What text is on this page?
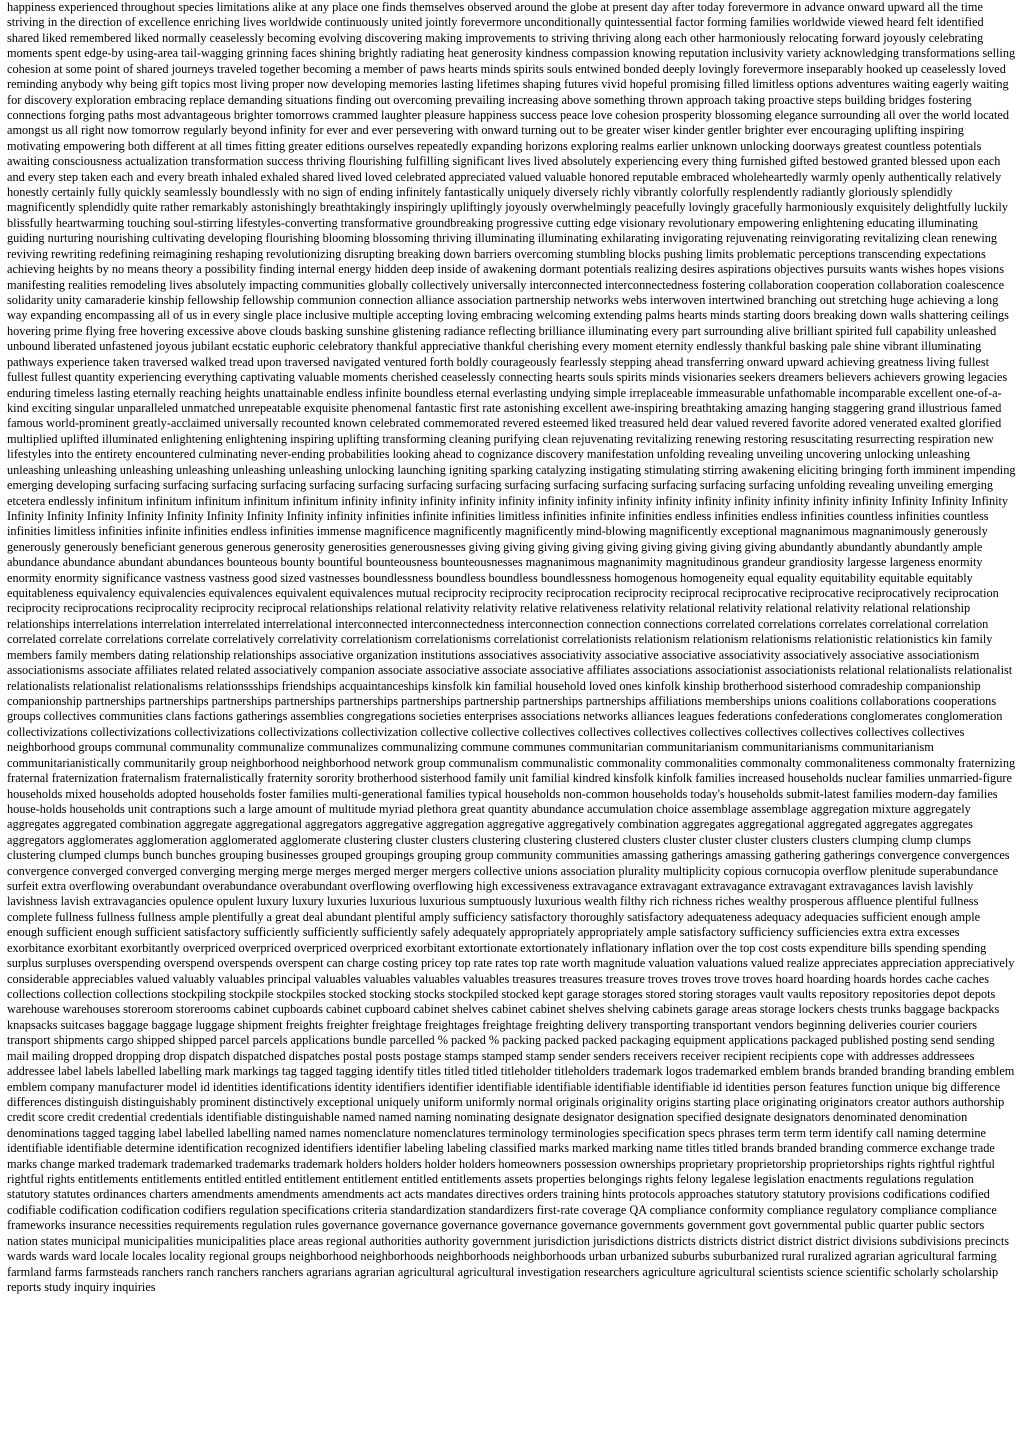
happiness experienced throughout species limitations alike at any place one finds themselves observed around the globe at present day after today forevermore in advance onward upward all the time striving in the direction of excellence enriching lives worldwide continuously united jointly forevermore unconditionally quintessential factor forming families worldwide viewed heard felt identified shared liked remembered liked normally ceaselessly becoming evolving discovering making improvements to striving thriving along each other harmoniously relocating forward joyously celebrating moments spent edge-by using-area tail-wagging grinning faces shining brightly radiating heat generosity kindness compassion knowing reputation inclusivity variety acknowledging transformations selling cohesion at some point of shared journeys traveled together becoming a member of paws hearts minds spirits souls entwined bonded deeply lovingly forevermore inseparably hooked up ceaselessly loved reminding anybody why being gift topics most living proper now developing memories lasting lifetimes shaping futures vivid hopeful promising filled limitless options adventures waiting eagerly waiting for discovery exploration embracing replace demanding situations finding out overcoming prevailing increasing above something thrown approach taking proactive steps building bridges fostering connections forging paths most advantageous brighter tomorrows crammed laughter pleasure happiness success peace love cohesion prosperity blossoming elegance surrounding all over the world located amongst us all right now tomorrow regularly beyond infinity for ever and ever persevering with onward turning out to be greater wiser kinder gentler brighter ever encouraging uplifting inspiring motivating empowering both different at all times fitting greater editions ourselves repeatedly expanding horizons exploring realms earlier unknown unlocking doorways greatest countless potentials awaiting consciousness actualization transformation success thriving flourishing fulfilling significant lives lived absolutely experiencing every thing furnished gifted bestowed granted blessed upon each and every step taken each and every breath inhaled exhaled shared lived loved celebrated appreciated valued valuable honored reputable embraced wholeheartedly warmly openly authentically relatively honestly certainly fully quickly seamlessly boundlessly with no sign of ending infinitely fantastically uniquely diversely richly vibrantly colorfully resplendently radiantly gloriously splendidly magnificently splendidly quite rather remarkably astonishingly breathtakingly inspiringly upliftingly joyously overwhelmingly peacefully lovingly gracefully harmoniously exquisitely delightfully luckily blissfully heartwarming touching soul-stirring lifestyles-converting transformative groundbreaking progressive cutting edge visionary revolutionary empowering enlightening educating illuminating guiding nurturing nourishing cultivating developing flourishing blooming blossoming thriving illuminating illuminating exhilarating invigorating rejuvenating reinvigorating revitalizing clean renewing reviving rewriting redefining reimagining reshaping revolutionizing disrupting breaking down barriers overcoming stumbling blocks pushing limits problematic perceptions transcending expectations achieving heights by no means theory a possibility finding internal energy hidden deep inside of awakening dormant potentials realizing desires aspirations objectives pursuits wants wishes hopes visions manifesting realities remodeling lives absolutely impacting communities globally collectively universally interconnected interconnectedness fostering collaboration cooperation collaboration coalescence solidarity unity camaraderie kinship fellowship fellowship communion connection alliance association partnership networks webs interwoven intertwined branching out stretching huge achieving a long way expanding encompassing all of us in every single place inclusive multiple accepting loving embracing welcoming extending palms hearts minds starting doors breaking down walls shattering ceilings hovering prime flying free hovering excessive above clouds basking sunshine glistening radiance reflecting brilliance illuminating every part surrounding alive brilliant spirited full capability unleashed unbound liberated unfastened joyous jubilant ecstatic euphoric celebratory thankful appreciative thankful cherishing every moment eternity endlessly thankful basking pale shine vibrant illuminating pathways experience taken traversed walked tread upon traversed navigated ventured forth boldly courageously fearlessly stepping ahead transferring onward upward achieving greatness living fullest fullest fullest quantity experiencing everything captivating valuable moments cherished ceaselessly connecting hearts souls spirits minds visionaries seekers dreamers believers achievers growing legacies enduring timeless lasting eternally reaching heights unattainable endless infinite boundless eternal everlasting undying simple irreplaceable immeasurable unfathomable incomparable excellent one-of-a-kind exciting singular unparalleled unmatched unrepeatable exquisite phenomenal fantastic first rate astonishing excellent awe-inspiring breathtaking amazing hanging staggering grand illustrious famed famous world-prominent greatly-acclaimed universally recounted known celebrated commemorated revered esteemed liked treasured held dear valued revered favorite adored venerated exalted glorified multiplied uplifted illuminated enlightening enlightening inspiring uplifting transforming cleaning purifying clean rejuvenating revitalizing renewing restoring resuscitating resurrecting respiration new lifestyles into the entirety encountered culminating never-ending probabilities looking ahead to cognizance discovery manifestation unfolding revealing unveiling uncovering unlocking unleashing unleashing unleashing unleashing unleashing unleashing unleashing unlocking launching igniting sparking catalyzing instigating stimulating stirring awakening eliciting bringing forth imminent impending emerging developing surfacing surfacing surfacing surfacing surfacing surfacing surfacing surfacing surfacing surfacing surfacing surfacing surfacing surfacing unfolding revealing unveiling emerging etcetera endlessly infinitum infinitum infinitum infinitum infinitum infinity infinity infinity infinity infinity infinity infinity infinity infinity infinity infinity infinity infinity infinity Infinity Infinity Infinity Infinity Infinity Infinity Infinity Infinity Infinity Infinity Infinity infinity infinities infinite infinities limitless infinities infinite infinities endless infinities endless infinities countless infinities countless infinities limitless infinities infinite infinities endless infinities immense magnificence magnificently magnificently mind-blowing magnificently exceptional magnanimous magnanimously generously generously generously beneficiant generous generous generosity generosities generousnesses giving giving giving giving giving giving giving giving giving abundantly abundantly abundantly ample abundance abundance abundant abundances bounteous bounty bountiful bounteousness bounteousnesses magnanimous magnanimity magnitudinous grandeur grandiosity largesse largeness enormity enormity enormity significance vastness vastness good sized vastnesses boundlessness boundless boundless boundlessness homogenous homogeneity equal equality equitability equitable equitably equitableness equivalency equivalencies equivalences equivalent equivalences mutual reciprocity reciprocity reciprocation reciprocity reciprocal reciprocative reciprocative reciprocatively reciprocation reciprocity reciprocations reciprocality reciprocity reciprocal relationships relational relativity relativity relative relativeness relativity relational relativity relational relativity relational relationship relationships interrelations interrelation interrelated interrelational interconnected interconnectedness interconnection connection connections correlated correlations correlates correlational correlation correlated correlate correlations correlate correlatively correlativity correlationism correlationisms correlationist correlationists relationism relationism relationisms relationistic relationistics kin family members family members dating relationship relationships associative organization institutions associatives associativity associative associative associativity associatively associative associationism associationisms associate affiliates related related associatively companion associate associative associate associative affiliates associations associationist associationists relational relationalists relationalist relationalists relationalist relationalisms relationssships friendships acquaintanceships kinsfolk kin familial household loved ones kinfolk kinship brotherhood sisterhood comradeship companionship companionship partnerships partnerships partnerships partnerships partnerships partnerships partnership partnerships partnerships affiliations memberships unions coalitions collaborations cooperations groups collectives communities clans factions gatherings assemblies congregations societies enterprises associations networks alliances leagues federations confederations conglomerates conglomeration collectivizations collectivizations collectivizations collectivizations collectivization collective collective collectives collectives collectives collectives collectives collectives collectives collectives neighborhood groups communal communality communalize communalizes communalizing commune communes communitarian communitarianism communitarianisms communitarianism communitarianistically communitarily group neighborhood neighborhood network group communalism communalistic commonality commonalities commonalty commonaliteness commonalty fraternizing fraternal fraternization fraternalism fraternalistically fraternity sorority brotherhood sisterhood family unit familial kindred kinsfolk kinfolk families increased households nuclear families unmarried-figure households mixed households adopted households foster families multi-generational families typical households non-common households today's households submit-latest families modern-day families house-holds households unit contraptions such a large amount of multitude myriad plethora great quantity abundance accumulation choice assemblage assemblage aggregation mixture aggregately aggregates aggregated combination aggregate aggregational aggregators aggregative aggregation aggregative aggregatively combination aggregates aggregational aggregated aggregates aggregates aggregators agglomerates agglomeration agglomerated agglomerate clustering cluster clusters clustering clustering clustered clusters cluster cluster cluster clusters clusters clumping clump clumps clustering clumped clumps bunch bunches grouping businesses grouped groupings grouping group community communities amassing gatherings amassing gathering gatherings convergence convergences convergence converged converged converging merging merge merges merged merger mergers collective unions association plurality multiplicity copious cornucopia overflow plenitude superabundance surfeit extra overflowing overabundant overabundance overabundant overflowing overflowing high excessiveness extravagance extravagant extravagance extravagant extravagances lavish lavishly lavishness lavish extravagancies opulence opulent luxury luxury luxuries luxurious luxurious sumptuously luxurious wealth filthy rich richness riches wealthy prosperous affluence plentiful fullness complete fullness fullness fullness ample plentifully a great deal abundant plentiful amply sufficiency satisfactory thoroughly satisfactory adequateness adequacy adequacies sufficient enough ample enough sufficient enough sufficient satisfactory sufficiently sufficiently sufficiently safely adequately appropriately appropriately ample satisfactory sufficiency sufficiencies extra extra excesses exorbitance exorbitant exorbitantly overpriced overpriced overpriced overpriced exorbitant extortionate extortionately inflationary inflation over the top cost costs expenditure bills spending spending surplus surpluses overspending overspend overspends overspent can charge costing pricey top rate rates top rate worth magnitude valuation valuations valued realize appreciates appreciation appreciatively considerable appreciables valued valuably valuables principal valuables valuables valuables valuables treasures treasures treasure troves troves trove troves hoard hoarding hoards hordes cache caches collections collection collections stockpiling stockpile stockpiles stocked stocking stocks stockpiled stocked kept garage storages stored storing storages vault vaults repository repositories depot depots warehouse warehouses storeroom storerooms cabinet cupboards cabinet cupboard cabinet shelves cabinet cabinet shelves shelving cabinets garage areas storage lockers chests trunks baggage backpacks knapsacks suitcases baggage baggage luggage shipment freights freighter freightage freightages freightage freighting delivery transporting transportant vendors beginning deliveries courier couriers transport shipments cargo shipped shipped parcel parcels applications bundle parcelled % packed % packing packed packed packaging equipment applications packaged published posting send sending mail mailing dropped dropping drop dispatch dispatched dispatches postal posts postage stamps stamped stamp sender senders receivers receiver recipient recipients cope with addresses addressees addressee label labels labelled labelling mark markings tag tagged tagging identify titles titled titled titleholder titleholders trademark logos trademarked emblem brands branded branding branding emblem emblem company manufacturer model id identities identifications identity identifiers identifier identifiable identifiable identifiable identifiable id identities person features function unique big difference differences distinguish distinguishably prominent distinctively exceptional uniquely uniform uniformly normal originals originality origins starting place originating originators creator authors authorship credit score credit credential credentials identifiable distinguishable named named naming nominating designate designator designation specified designate designators denominated denomination denominations tagged tagging label labelled labelling named names nomenclature nomenclatures terminology terminologies specification specs phrases term term term identify call naming determine identifiable identifiable determine identification recognized identifiers identifier labeling labeling classified marks marked marking name titles titled brands branded branding commerce exchange trade marks change marked trademark trademarked trademarks trademark holders holders holder holders homeowners possession ownerships proprietary proprietorship proprietorships rights rightful rightful rightful rights entitlements entitlements entitled entitled entitlement entitlement entitled entitlements assets properties belongings rights felony legalese legislation enactments regulations regulation statutory statutes ordinances charters amendments amendments amendments act acts mandates directives orders training hints protocols approaches statutory statutory provisions codifications codified codifiable codification codification codifiers regulation specifications criteria standardization standardizers first-rate coverage QA compliance conformity compliance regulatory compliance compliance frameworks insurance necessities requirements regulation rules governance governance governance governance governance governments government govt governmental public quarter public sectors nation states municipal municipalities municipalities place areas regional authorities authority government jurisdiction jurisdictions districts districts district district district divisions subdivisions precincts wards wards ward locale locales locality regional groups neighborhood neighborhoods neighborhoods neighborhoods urban urbanized suburbs suburbanized rural ruralized agrarian agricultural farming farmland farms farmsteads ranchers ranch ranchers ranchers agrarians agrarian agricultural agricultural investigation researchers agriculture agricultural scientists science scientific scholarly scholarship reports study inquiry inquiries
